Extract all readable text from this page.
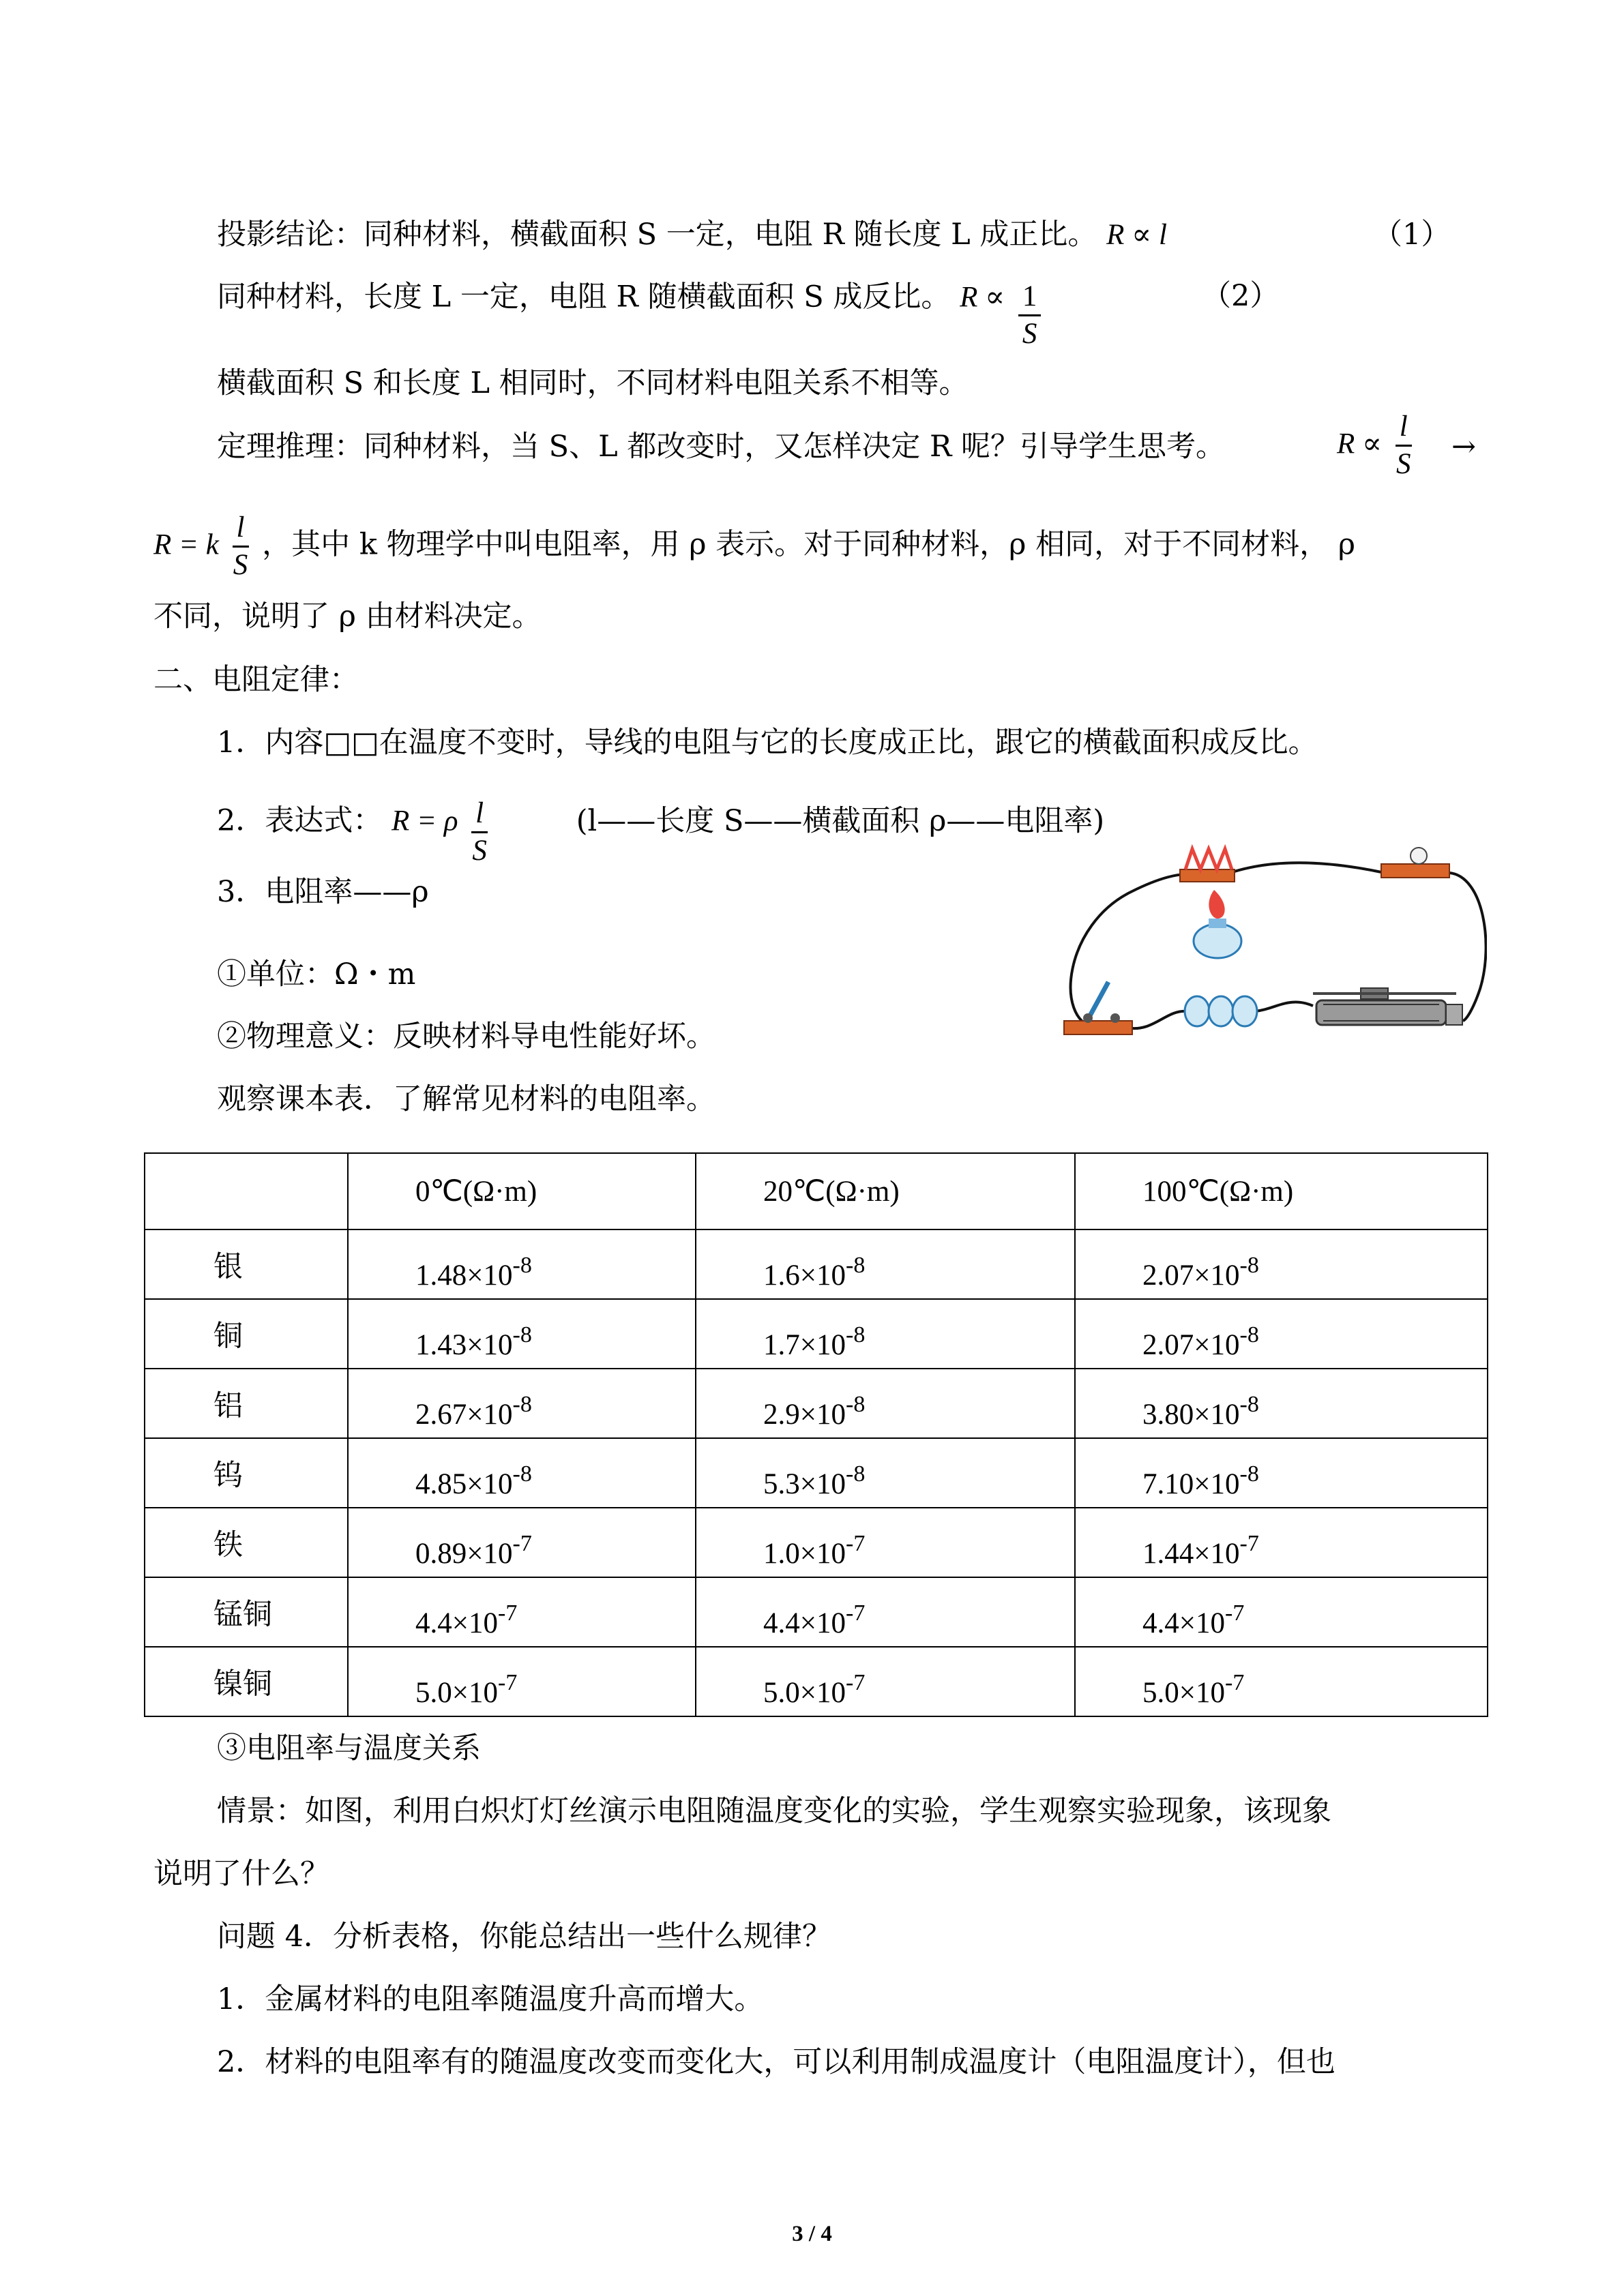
投影结论：同种材料，横截面积 S 一定，电阻 R 随长度 L 成正比。 R ∝ l	（1）
同种材料，长度 L 一定，电阻 R 随横截面积 S 成反比。 $R \propto \frac{1}{S}$	（2）
横截面积 S 和长度 L 相同时，不同材料电阻关系不相等。
定理推理：同种材料，当 S、L 都改变时，又怎样决定 R 呢？引导学生思考。	$R \propto \frac{l}{S}$ →
R = k $\frac{l}{S}$ ，其中 k 物理学中叫电阻率，用 ρ 表示。对于同种材料，ρ 相同，对于不同材料， ρ
不同，说明了 ρ 由材料决定。
二、电阻定律：
1．内容□□在温度不变时，导线的电阻与它的长度成正比，跟它的横截面积成反比。
2．表达式： R = ρ $\frac{l}{S}$	(l——长度 S——横截面积 ρ——电阻率)
3．电阻率——ρ
①单位：Ω・m
②物理意义：反映材料导电性能好坏。
观察课本表．了解常见材料的电阻率。
	0℃(Ω·m)	20℃(Ω·m)	100℃(Ω·m)
银	$1.48\times 10^{-8}$	$1.6\times 10^{-8}$	$2.07\times 10^{-8}$
铜	$1.43\times 10^{-8}$	$1.7\times 10^{-8}$	$2.07\times 10^{-8}$
铝	$2.67\times 10^{-8}$	$2.9\times 10^{-8}$	$3.80\times 10^{-8}$
钨	$4.85\times 10^{-8}$	$5.3\times 10^{-8}$	$7.10\times 10^{-8}$
铁	$0.89\times 10^{-7}$	$1.0\times 10^{-7}$	$1.44\times 10^{-7}$
锰铜	$4.4\times 10^{-7}$	$4.4\times 10^{-7}$	$4.4\times 10^{-7}$
镍铜	$5.0\times 10^{-7}$	$5.0\times 10^{-7}$	$5.0\times 10^{-7}$
③电阻率与温度关系
情景：如图，利用白炽灯灯丝演示电阻随温度变化的实验，学生观察实验现象，该现象
说明了什么？
问题 4．分析表格，你能总结出一些什么规律？
1．金属材料的电阻率随温度升高而增大。
2．材料的电阻率有的随温度改变而变化大，可以利用制成温度计（电阻温度计），但也
3 / 4
